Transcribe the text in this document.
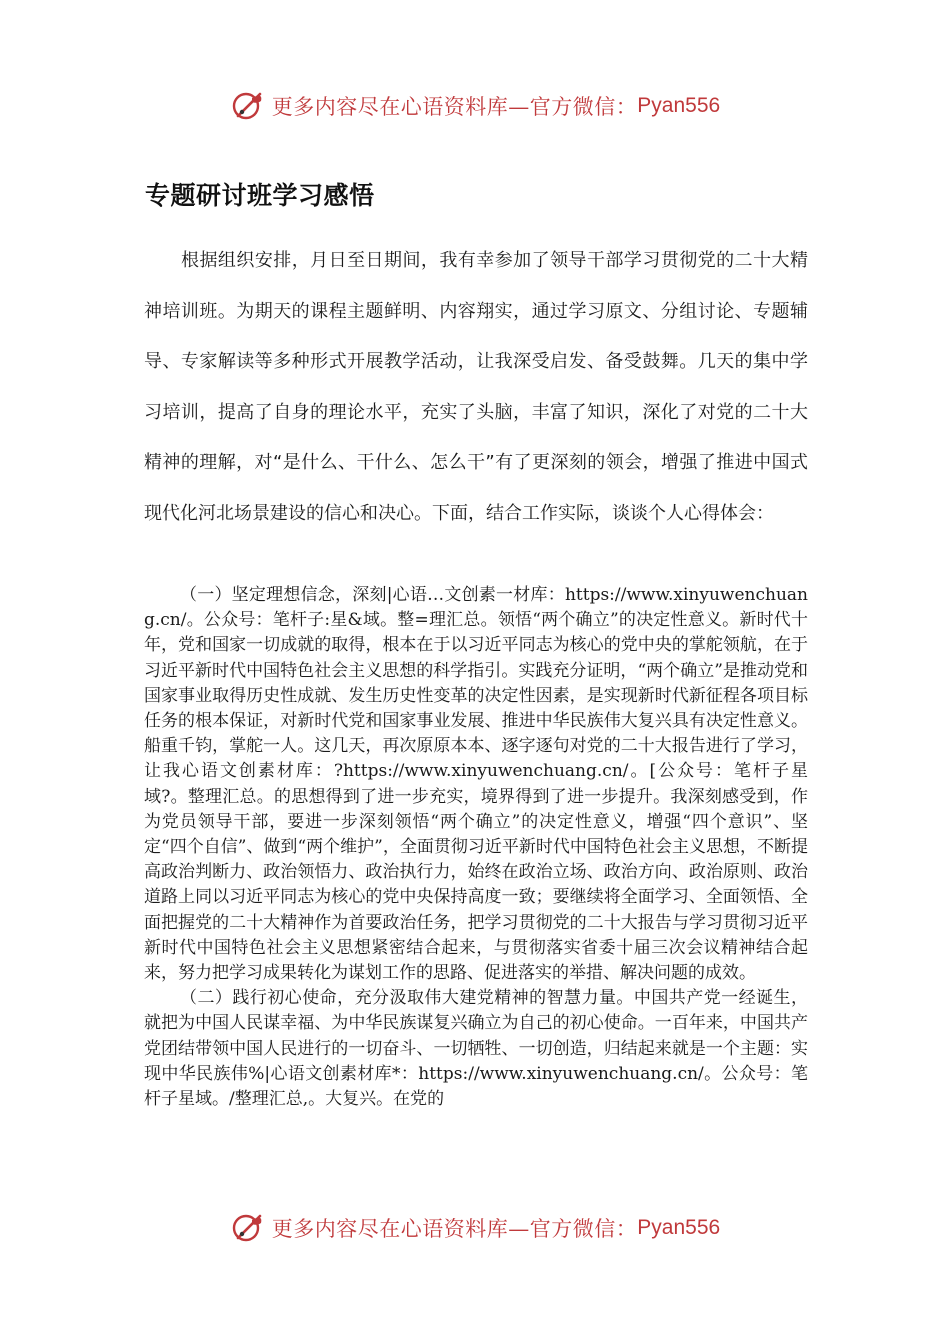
更多内容尽在心语资料库—官方微信： Pyan556
专题研讨班学习感悟

根据组织安排，月日至日期间，我有幸参加了领导干部学习贯彻党的二十大精神培训班。为期天的课程主题鲜明、内容翔实，通过学习原文、分组讨论、专题辅导、专家解读等多种形式开展教学活动，让我深受启发、备受鼓舞。几天的集中学习培训，提高了自身的理论水平，充实了头脑，丰富了知识，深化了对党的二十大精神的理解，对“是什么、干什么、怎么干”有了更深刻的领会，增强了推进中国式现代化河北场景建设的信心和决心。下面，结合工作实际，谈谈个人心得体会：

（一）坚定理想信念，深刻|心语…文创素一材库：https://www.xinyuwenchuang.cn/。公众号：笔杆子:星&域。整=理汇总。领悟“两个确立”的决定性意义。新时代十年，党和国家一切成就的取得，根本在于以习近平同志为核心的党中央的掌舵领航，在于习近平新时代中国特色社会主义思想的科学指引。实践充分证明，“两个确立”是推动党和国家事业取得历史性成就、发生历史性变革的决定性因素，是实现新时代新征程各项目标任务的根本保证，对新时代党和国家事业发展、推进中华民族伟大复兴具有决定性意义。船重千钧，掌舵一人。这几天，再次原原本本、逐字逐句对党的二十大报告进行了学习，让我心语文创素材库：?https://www.xinyuwenchuang.cn/。[公众号：笔杆子星域?。整理汇总。的思想得到了进一步充实，境界得到了进一步提升。我深刻感受到，作为党员领导干部，要进一步深刻领悟“两个确立”的决定性意义，增强“四个意识”、坚定“四个自信”、做到“两个维护”，全面贯彻习近平新时代中国特色社会主义思想，不断提高政治判断力、政治领悟力、政治执行力，始终在政治立场、政治方向、政治原则、政治道路上同以习近平同志为核心的党中央保持高度一致；要继续将全面学习、全面领悟、全面把握党的二十大精神作为首要政治任务，把学习贯彻党的二十大报告与学习贯彻习近平新时代中国特色社会主义思想紧密结合起来，与贯彻落实省委十届三次会议精神结合起来，努力把学习成果转化为谋划工作的思路、促进落实的举措、解决问题的成效。

（二）践行初心使命，充分汲取伟大建党精神的智慧力量。中国共产党一经诞生，就把为中国人民谋幸福、为中华民族谋复兴确立为自己的初心使命。一百年来，中国共产党团结带领中国人民进行的一切奋斗、一切牺牲、一切创造，归结起来就是一个主题：实现中华民族伟%|心语文创素材库*：https://www.xinyuwenchuang.cn/。公众号：笔杆子星域。/整理汇总,。大复兴。在党的

更多内容尽在心语资料库—官方微信： Pyan556
